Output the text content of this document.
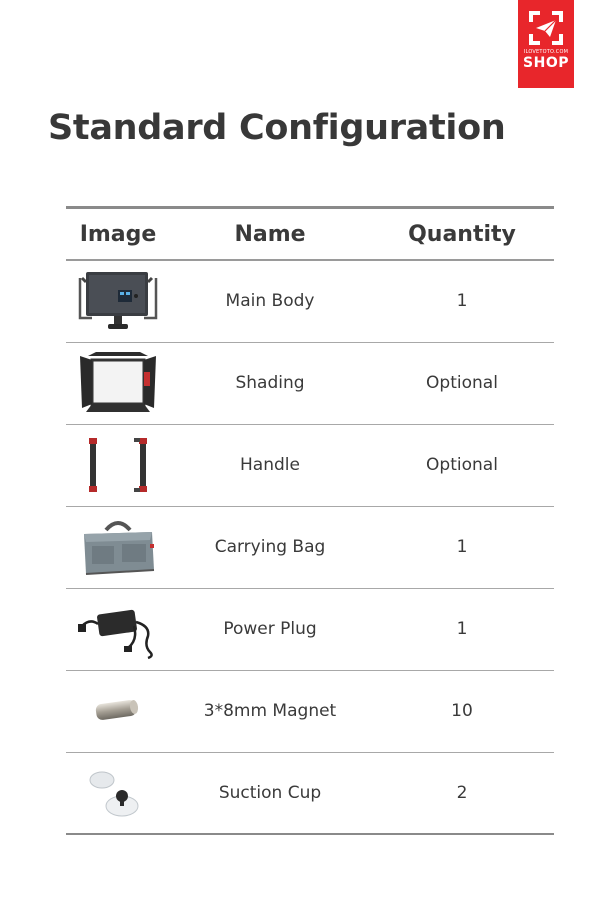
ILOVETOTO.COM
SHOP
Standard Configuration
Image	Name	Quantity

	Main Body	1

	Shading	Optional

	Handle	Optional

	Carrying Bag	1

	Power Plug	1

	3*8mm Magnet	10

	Suction Cup	2
